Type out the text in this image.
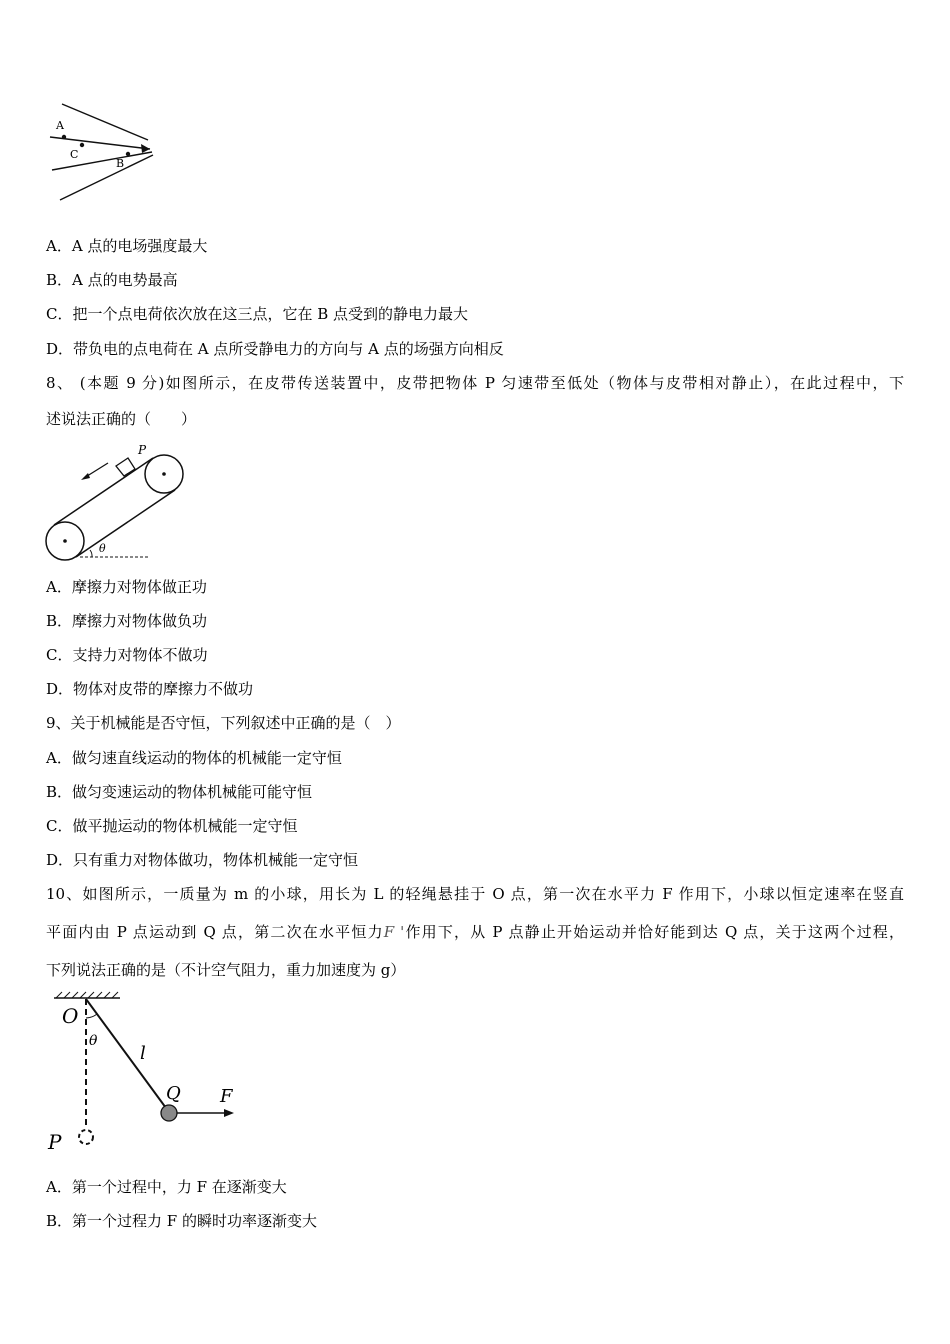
A
C
B
A．A 点的电场强度最大
B．A 点的电势最高
C．把一个点电荷依次放在这三点，它在 B 点受到的静电力最大
D．带负电的点电荷在 A 点所受静电力的方向与 A 点的场强方向相反
8、 (本题 9 分)如图所示，在皮带传送装置中，皮带把物体 P 匀速带至低处（物体与皮带相对静止），在此过程中，下
述说法正确的（　　）
P
θ
A．摩擦力对物体做正功
B．摩擦力对物体做负功
C．支持力对物体不做功
D．物体对皮带的摩擦力不做功
9、关于机械能是否守恒，下列叙述中正确的是（　）
A．做匀速直线运动的物体的机械能一定守恒
B．做匀变速运动的物体机械能可能守恒
C．做平抛运动的物体机械能一定守恒
D．只有重力对物体做功，物体机械能一定守恒
10、如图所示，一质量为 m 的小球，用长为 L 的轻绳悬挂于 O 点，第一次在水平力 F 作用下，小球以恒定速率在竖直
平面内由 P 点运动到 Q 点，第二次在水平恒力F '作用下，从 P 点静止开始运动并恰好能到达 Q 点，关于这两个过程，
下列说法正确的是（不计空气阻力，重力加速度为 g）
O
θ
l
Q F
P
A．第一个过程中，力 F 在逐渐变大
B．第一个过程力 F 的瞬时功率逐渐变大
